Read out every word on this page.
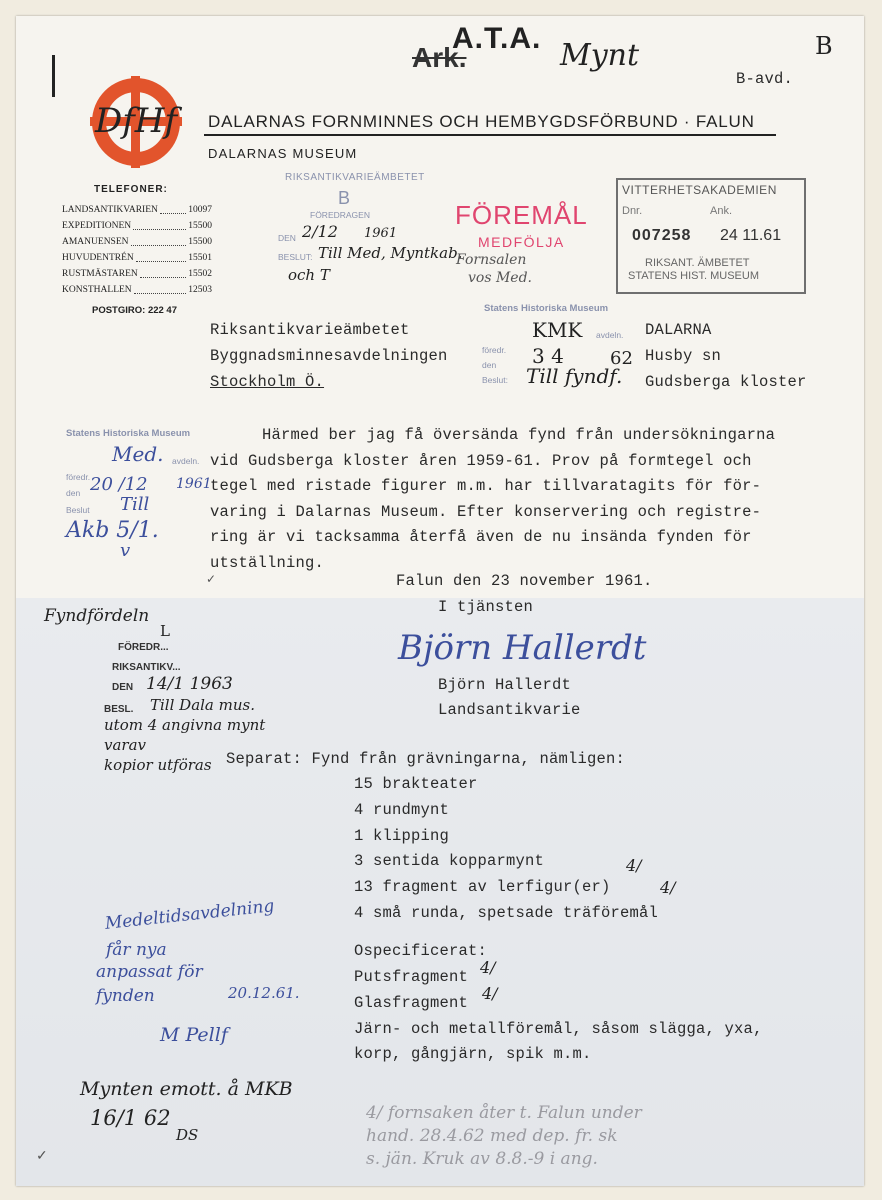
A.T.A.
Ark.	Mynt	B
B-avd.
DfHf	DALARNAS FORNMINNES OCH HEMBYGDSFÖRBUND · FALUN
DALARNAS MUSEUM
TELEFONER:
LANDSANTIKVARIEN	10097
EXPEDITIONEN	15500
AMANUENSEN	15500
HUVUDENTRÉN	15501
RUSTMÄSTAREN	15502
KONSTHALLEN	12503
POSTGIRO: 222 47
RIKSANTIKVARIEÄMBETET
B
FÖREDRAGEN
DEN 2/12 1961
BESLUT: Till Med, Myntkab.
och T
FÖREMÅL
MEDFÖLJA
Fornsalen
vos Med.
VITTERHETSAKADEMIEN
Dnr.	Ank.
007258 24 11.61
RIKSANT. ÄMBETET
STATENS HIST. MUSEUM
Statens Historiska Museum
KMK avdeln.
föredr.
den 3 4	62
Beslut: Till fyndf.
Riksantikvarieämbetet
Byggnadsminnesavdelningen
Stockholm Ö.
DALARNA
Husby sn
Gudsberga kloster
Statens Historiska Museum
Med. avdeln.
föredr.
den 20 /12 1961
Beslut Till
Akb 5/1.
v
Härmed ber jag få översända fynd från undersökningarna
vid Gudsberga kloster åren 1959-61. Prov på formtegel och
tegel med ristade figurer m.m. har tillvaratagits för för-
varing i Dalarnas Museum. Efter konservering och registre-
ring är vi tacksamma återfå även de nu insända fynden för
utställning.
✓	Falun den 23 november 1961.
I tjänsten
Björn Hallerdt
Björn Hallerdt
Landsantikvarie
Fyndfördeln
L
FÖREDR...
RIKSANTIKV...
DEN 14/1 1963
BESL. Till Dala mus.
utom 4 angivna mynt
varav
kopior utföras Separat: Fynd från grävningarna, nämligen:
15 brakteater
4 rundmynt
1 klipping
3 sentida kopparmynt
13 fragment av lerfigur(er)
4 små runda, spetsade träföremål
4/
4/
Ospecificerat:
Putsfragment
Glasfragment
Järn- och metallföremål, såsom slägga, yxa,
korp, gångjärn, spik m.m.
4/
4/
Medeltidsavdelning
får nya
anpassat för
fynden	20.12.61.
M Pellf
Mynten emott. å MKB
16/1 62
DS
✓
4/ fornsaken åter t. Falun under
hand. 28.4.62 med dep. fr. sk
s. jän. Kruk av 8.8.-9 i ang.
